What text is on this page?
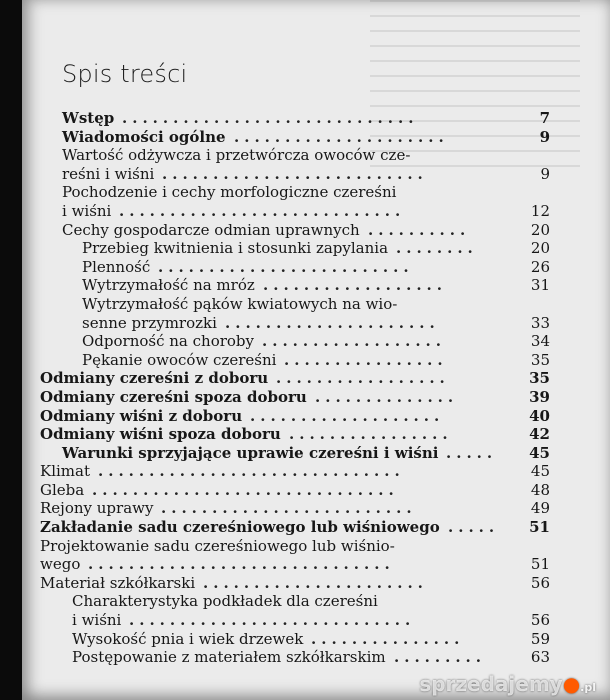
Spis treści
Wstęp .............................	7
Wiadomości ogólne .....................	9
Wartość odżywcza i przetwórcza owoców cze-
reśni i wiśni ..........................	9
Pochodzenie i cechy morfologiczne czereśni
i wiśni ............................	12
Cechy gospodarcze odmian uprawnych ..........	20
Przebieg kwitnienia i stosunki zapylania ........	20
Plenność .........................	26
Wytrzymałość na mróz ..................	31
Wytrzymałość pąków kwiatowych na wio-
senne przymrozki .....................	33
Odporność na choroby ..................	34
Pękanie owoców czereśni ................	35
Odmiany czereśni z doboru .................	35
Odmiany czereśni spoza doboru ..............	39
Odmiany wiśni z doboru ...................	40
Odmiany wiśni spoza doboru ................	42
Warunki sprzyjające uprawie czereśni i wiśni ..... 45
Klimat ..............................	45
Gleba ..............................	48
Rejony uprawy .........................	49
Zakładanie sadu czereśniowego lub wiśniowego ..... 51
Projektowanie sadu czereśniowego lub wiśnio-
wego ..............................	51
Materiał szkółkarski ......................	56
Charakterystyka podkładek dla czereśni
i wiśni ............................	56
Wysokość pnia i wiek drzewek ...............	59
Postępowanie z materiałem szkółkarskim .........	63
sprzedajemy●.pl
